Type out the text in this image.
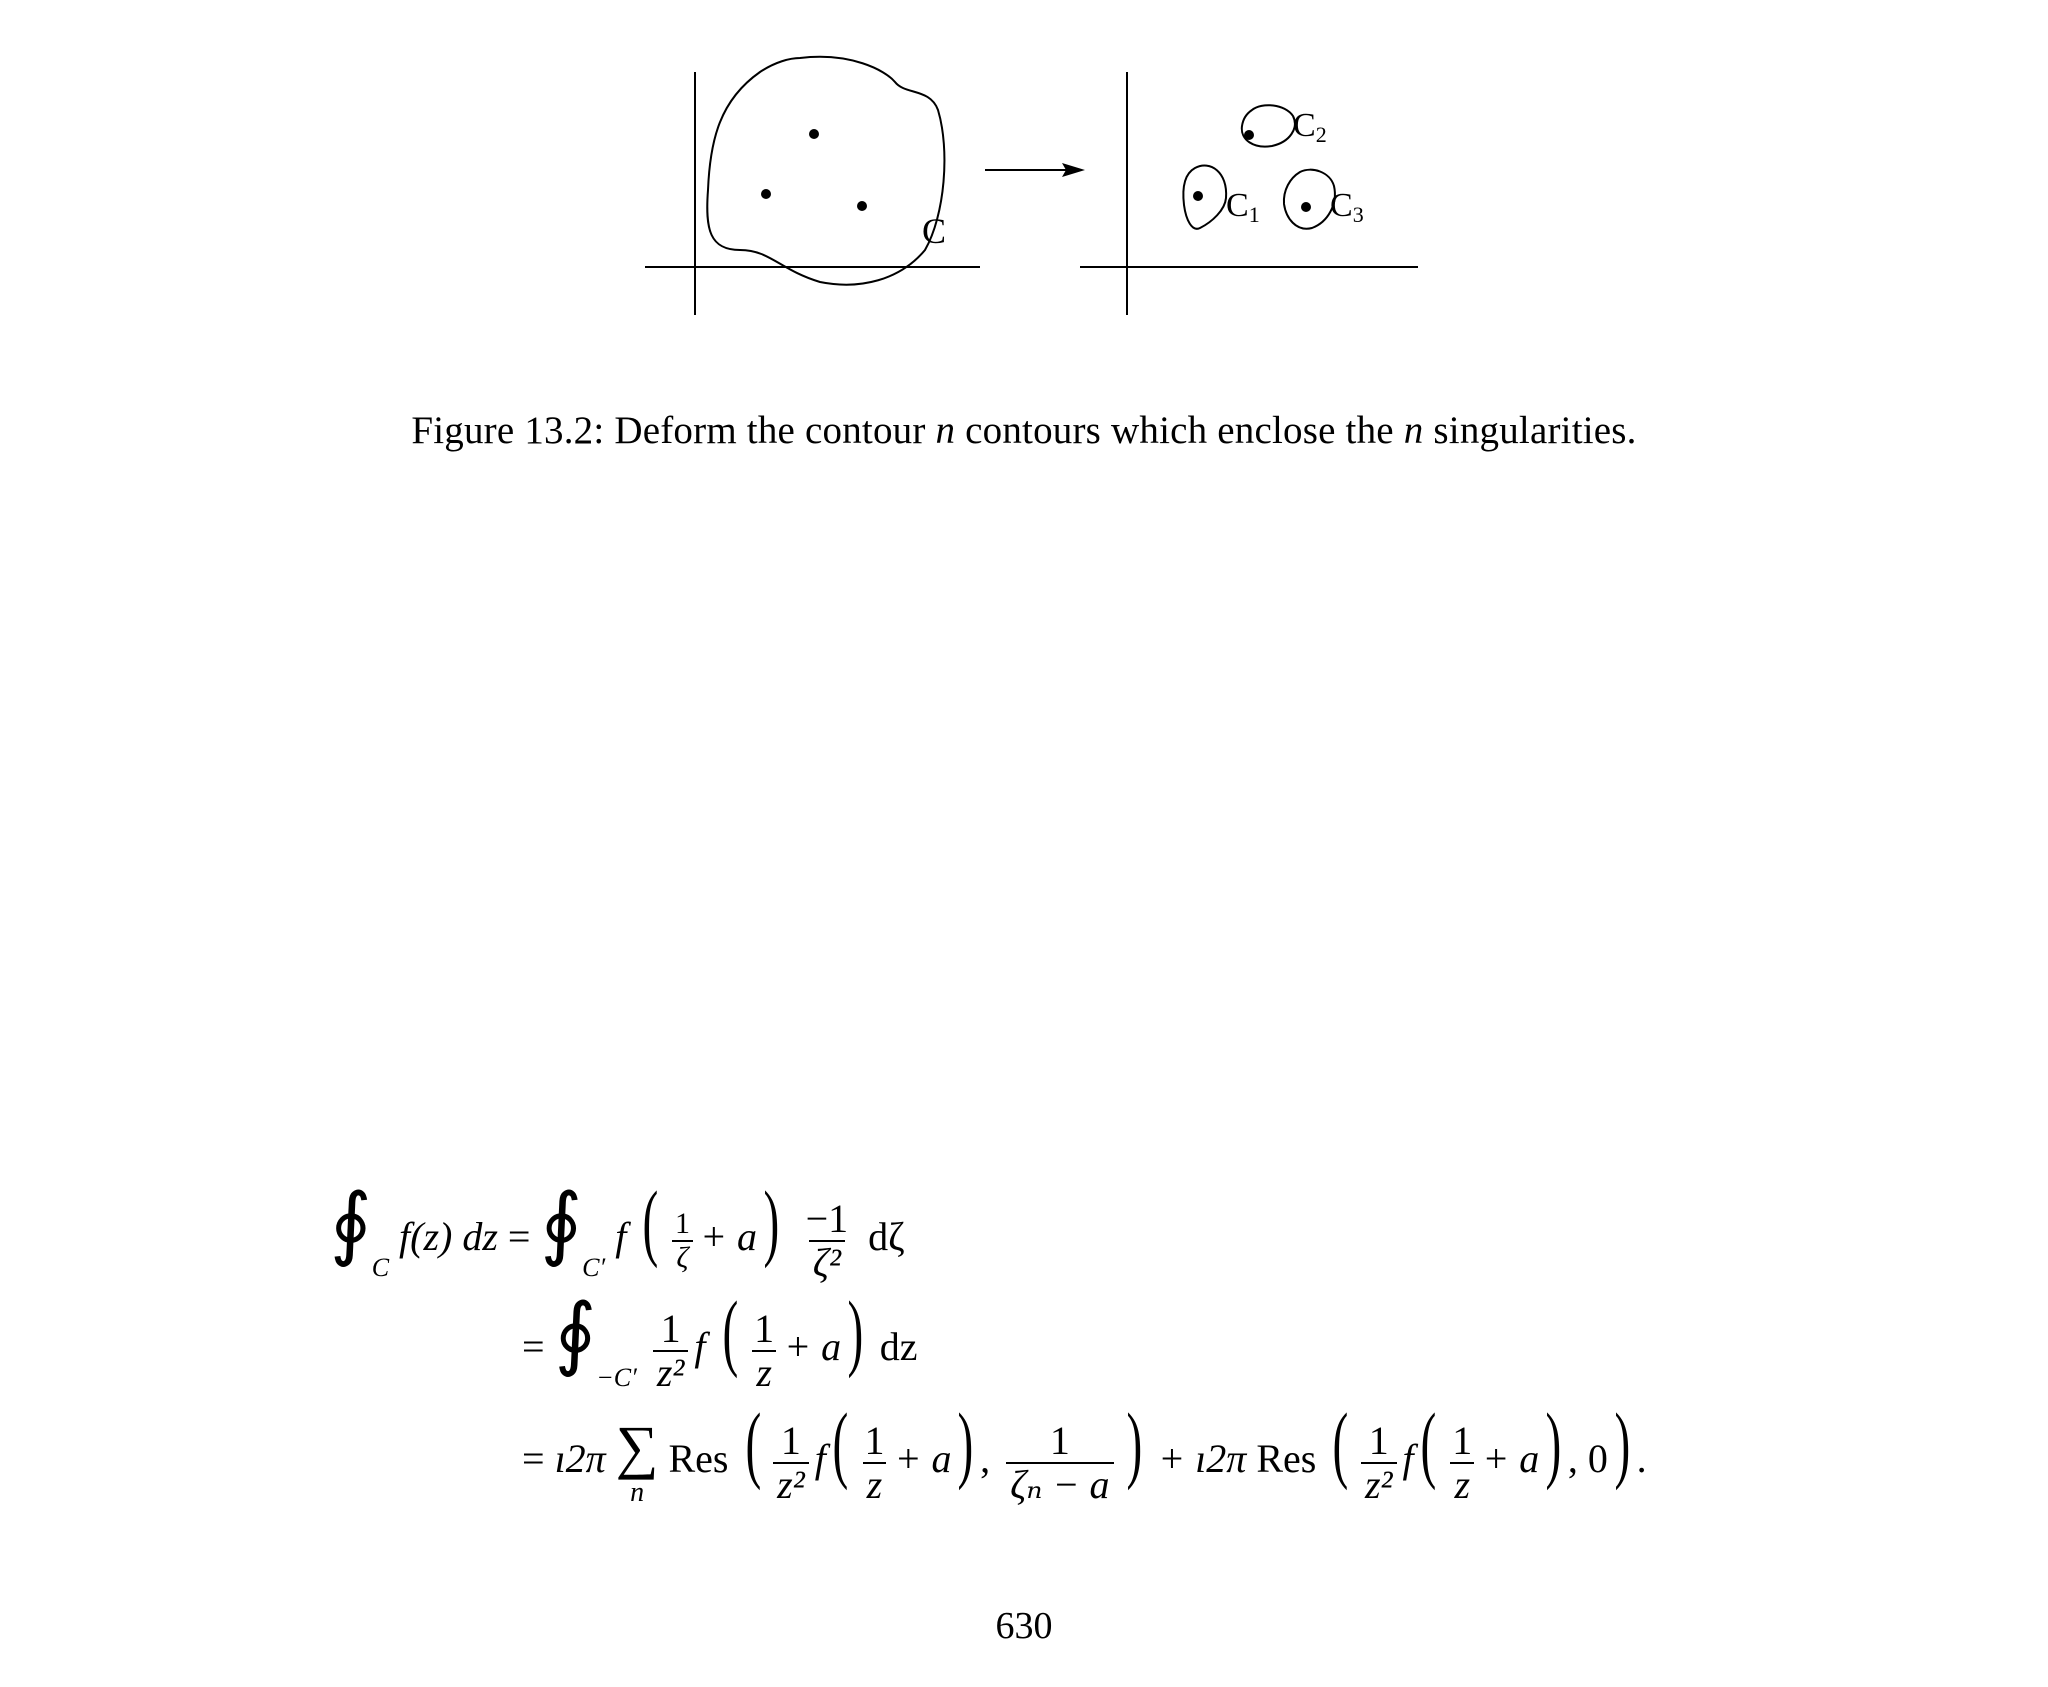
C
C1
C2
C3
Figure 13.2: Deform the contour n contours which enclose the n singularities.
$∮_C$ f(z) dz = $∮_{C'}$ f ( $\frac{1}{\zeta} + a) \frac{-1}{\text{ζ²}}$ dζ
= $∮_{-C'} \frac{1}{\text{z²}}$ f ( $\frac{1}{z} + a$) dz
= ı2π ∑
n
Res ( $\frac{1}{\text{z²}} f( \frac{1}{z} + a)$ , $\frac{1}{\text{ζₙ − a}}$ ) + ı2π Res ( $\frac{1}{\text{z²}} f( \frac{1}{z} + a)$ , 0) .
630
